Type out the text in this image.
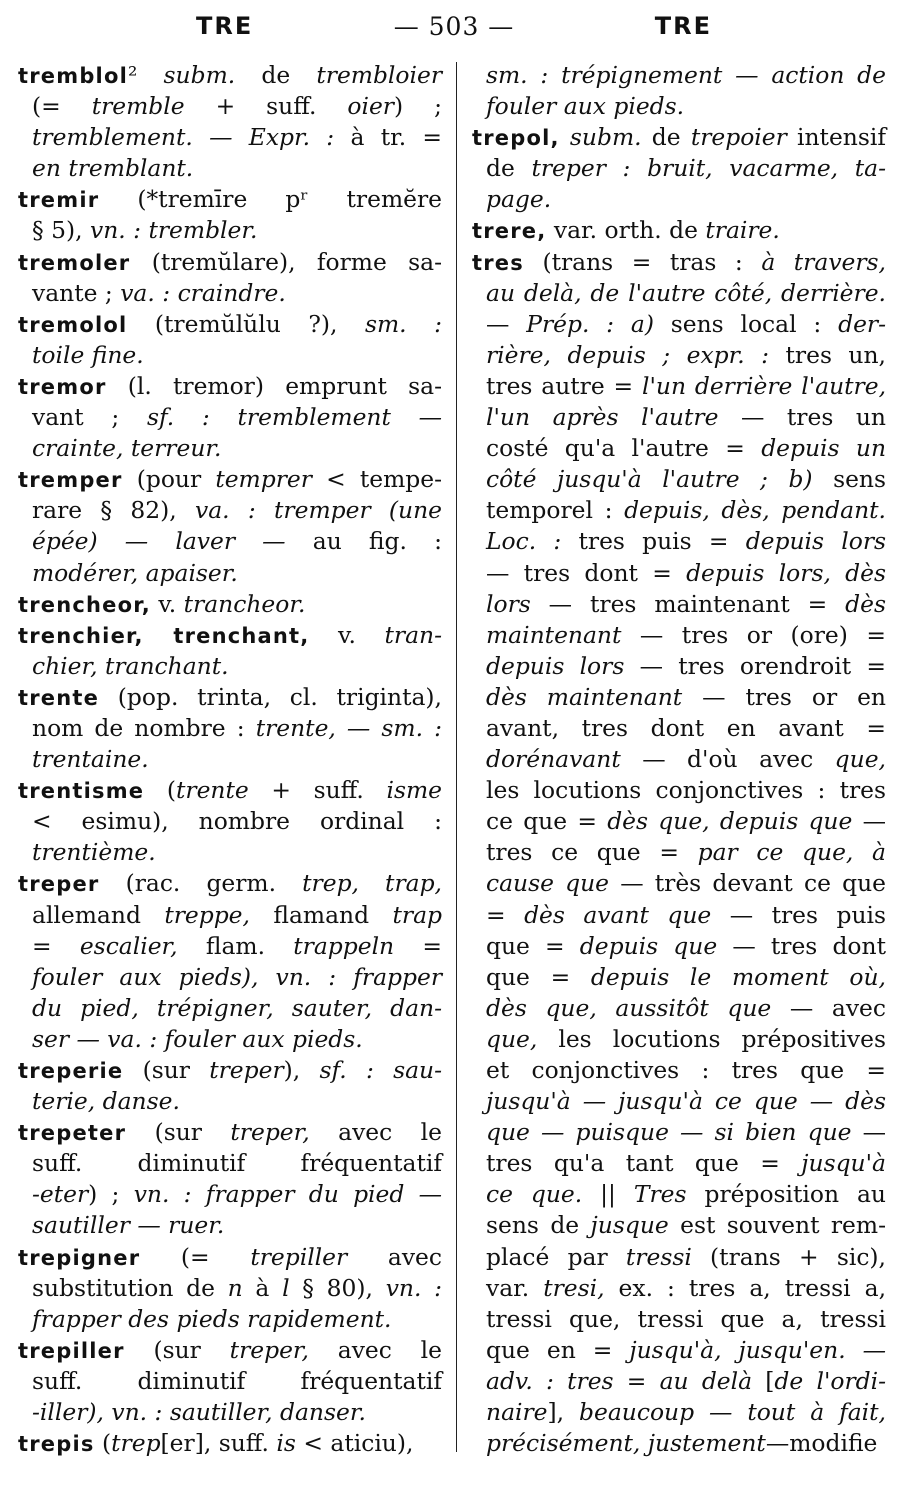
TRE	— 503 —	TRE
tremblol² subm. de trembloier
(= tremble + suff. oier) ;
tremblement. — Expr. : à tr. =
en tremblant.
tremir (*tremīre pʳ tremĕre
§ 5), vn. : trembler.
tremoler (tremŭlare), forme sa-
vante ; va. : craindre.
tremolol (tremŭlŭlu ?), sm. :
toile fine.
tremor (l. tremor) emprunt sa-
vant ; sf. : tremblement —
crainte, terreur.
tremper (pour temprer < tempe-
rare § 82), va. : tremper (une
épée) — laver — au fig. :
modérer, apaiser.
trencheor, v. trancheor.
trenchier, trenchant, v. tran-
chier, tranchant.
trente (pop. trinta, cl. triginta),
nom de nombre : trente, — sm. :
trentaine.
trentisme (trente + suff. isme
< esimu), nombre ordinal :
trentième.
treper (rac. germ. trep, trap,
allemand treppe, flamand trap
= escalier, flam. trappeln =
fouler aux pieds), vn. : frapper
du pied, trépigner, sauter, dan-
ser — va. : fouler aux pieds.
treperie (sur treper), sf. : sau-
terie, danse.
trepeter (sur treper, avec le
suff. diminutif fréquentatif
-eter) ; vn. : frapper du pied —
sautiller — ruer.
trepigner (= trepiller avec
substitution de n à l § 80), vn. :
frapper des pieds rapidement.
trepiller (sur treper, avec le
suff. diminutif fréquentatif
-iller), vn. : sautiller, danser.
trepis (trep[er], suff. is < aticiu),
sm. : trépignement — action de
fouler aux pieds.
trepol, subm. de trepoier intensif
de treper : bruit, vacarme, ta-
page.
trere, var. orth. de traire.
tres (trans = tras : à travers,
au delà, de l'autre côté, derrière.
— Prép. : a) sens local : der-
rière, depuis ; expr. : tres un,
tres autre = l'un derrière l'autre,
l'un après l'autre — tres un
costé qu'a l'autre = depuis un
côté jusqu'à l'autre ; b) sens
temporel : depuis, dès, pendant.
Loc. : tres puis = depuis lors
— tres dont = depuis lors, dès
lors — tres maintenant = dès
maintenant — tres or (ore) =
depuis lors — tres orendroit =
dès maintenant — tres or en
avant, tres dont en avant =
dorénavant — d'où avec que,
les locutions conjonctives : tres
ce que = dès que, depuis que —
tres ce que = par ce que, à
cause que — très devant ce que
= dès avant que — tres puis
que = depuis que — tres dont
que = depuis le moment où,
dès que, aussitôt que — avec
que, les locutions prépositives
et conjonctives : tres que =
jusqu'à — jusqu'à ce que — dès
que — puisque — si bien que —
tres qu'a tant que = jusqu'à
ce que. || Tres préposition au
sens de jusque est souvent rem-
placé par tressi (trans + sic),
var. tresi, ex. : tres a, tressi a,
tressi que, tressi que a, tressi
que en = jusqu'à, jusqu'en. —
adv. : tres = au delà [de l'ordi-
naire], beaucoup — tout à fait,
précisément, justement—modifie
